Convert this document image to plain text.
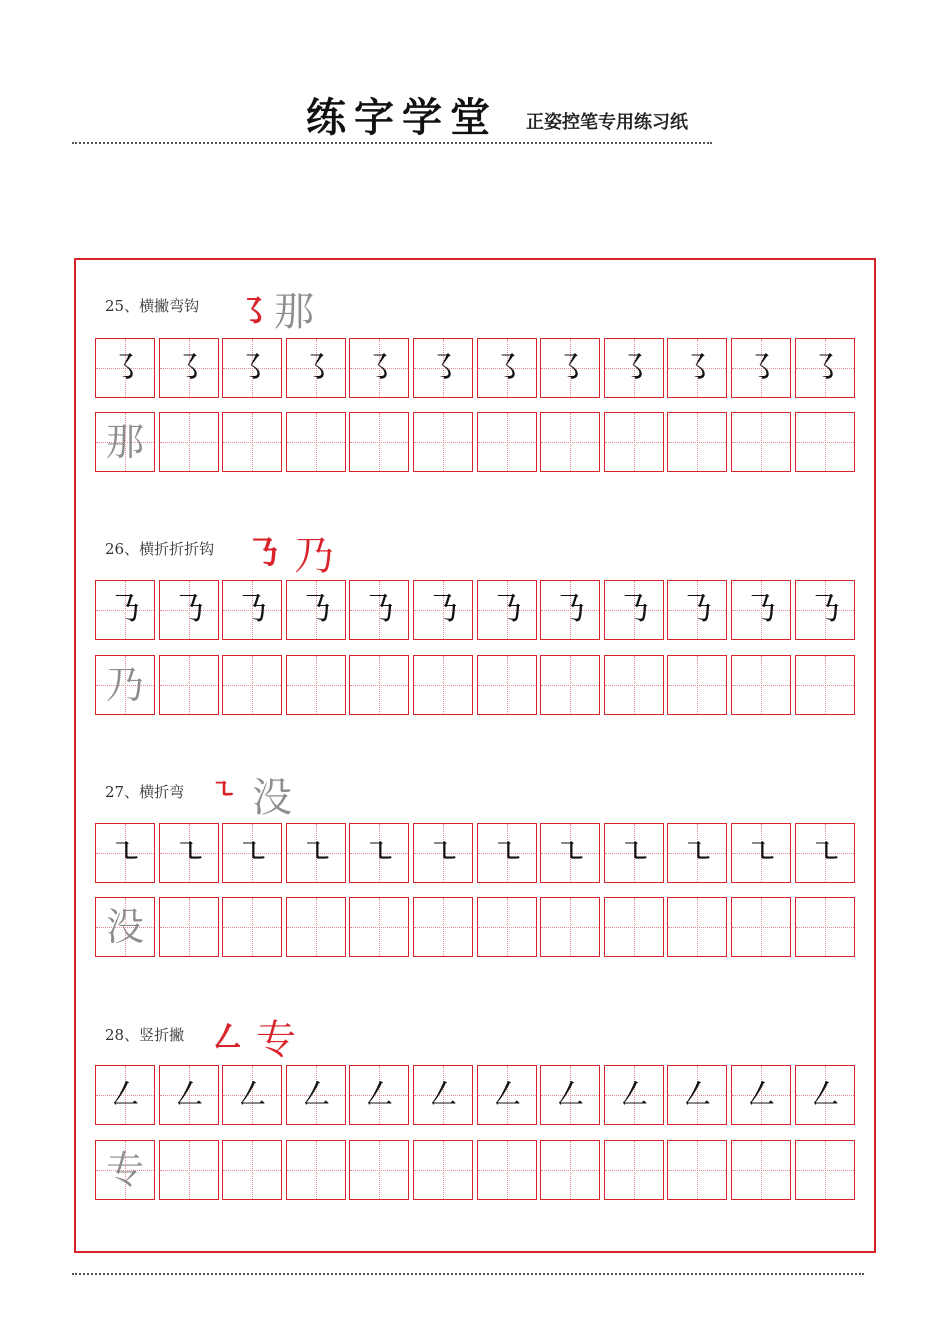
练字学堂 正姿控笔专用练习纸
25、横撇弯钩 ㇌ 那
㇌ ㇌ ㇌ ㇌ ㇌ ㇌ ㇌ ㇌ ㇌ ㇌ ㇌ ㇌
那
26、横折折折钩 ㇡ 乃
㇡ ㇡ ㇡ ㇡ ㇡ ㇡ ㇡ ㇡ ㇡ ㇡ ㇡ ㇡
乃
27、横折弯 ㇍ 没
㇍ ㇍ ㇍ ㇍ ㇍ ㇍ ㇍ ㇍ ㇍ ㇍ ㇍ ㇍
没
28、竖折撇 ㇜ 专
㇜ ㇜ ㇜ ㇜ ㇜ ㇜ ㇜ ㇜ ㇜ ㇜ ㇜ ㇜
专
